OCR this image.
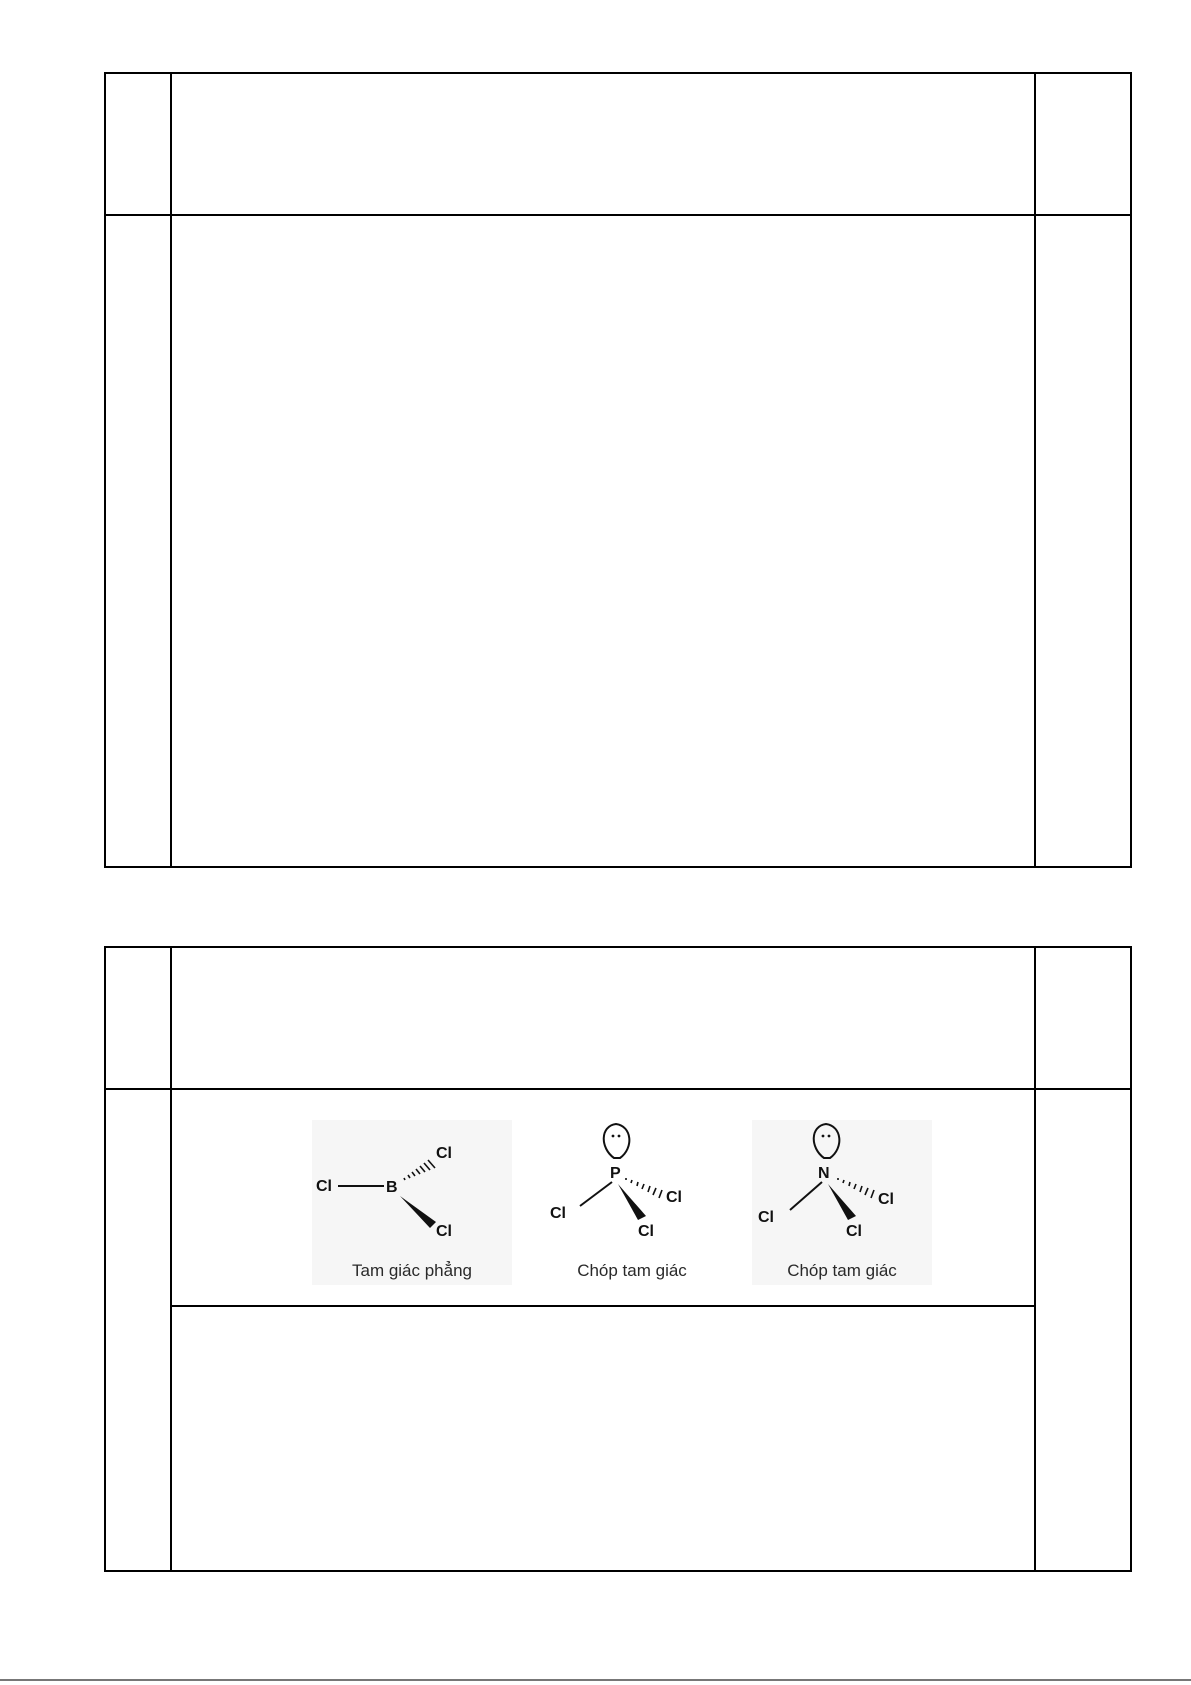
Cl	B
Cl
Cl
Tam giác phẳng
P
Cl
Cl
Cl
Chóp tam giác
N
Cl
Cl
Cl
Chóp tam giác
